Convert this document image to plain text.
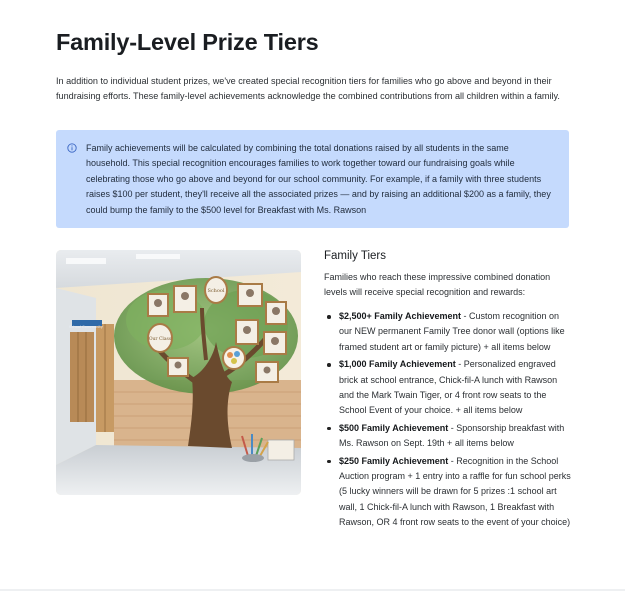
Family-Level Prize Tiers

In addition to individual student prizes, we've created special recognition tiers for families who go above and beyond in their fundraising efforts. These family-level achievements acknowledge the combined contributions from all children within a family.

Family achievements will be calculated by combining the total donations raised by all students in the same household. This special recognition encourages families to work together toward our fundraising goals while celebrating those who go above and beyond for our school community. For example, if a family with three students raises $100 per student, they'll receive all the associated prizes — and by raising an additional $200 as a family, they could bump the family to the $500 level for Breakfast with Ms. Rawson

School
Our Class
School Community
Family Tiers

Families who reach these impressive combined donation levels will receive special recognition and rewards:

$2,500+ Family Achievement - Custom recognition on our NEW permanent Family Tree donor wall (options like framed student art or family picture) + all items below
$1,000 Family Achievement - Personalized engraved brick at school entrance, Chick-fil-A lunch with Rawson and the Mark Twain Tiger, or 4 front row seats to the School Event of your choice. + all items below
$500 Family Achievement - Sponsorship breakfast with Ms. Rawson on Sept. 19th + all items below
$250 Family Achievement - Recognition in the School Auction program + 1 entry into a raffle for fun school perks (5 lucky winners will be drawn for 5 prizes :1 school art wall, 1 Chick-fil-A lunch with Rawson, 1 Breakfast with Rawson, OR 4 front row seats to the event of your choice)
